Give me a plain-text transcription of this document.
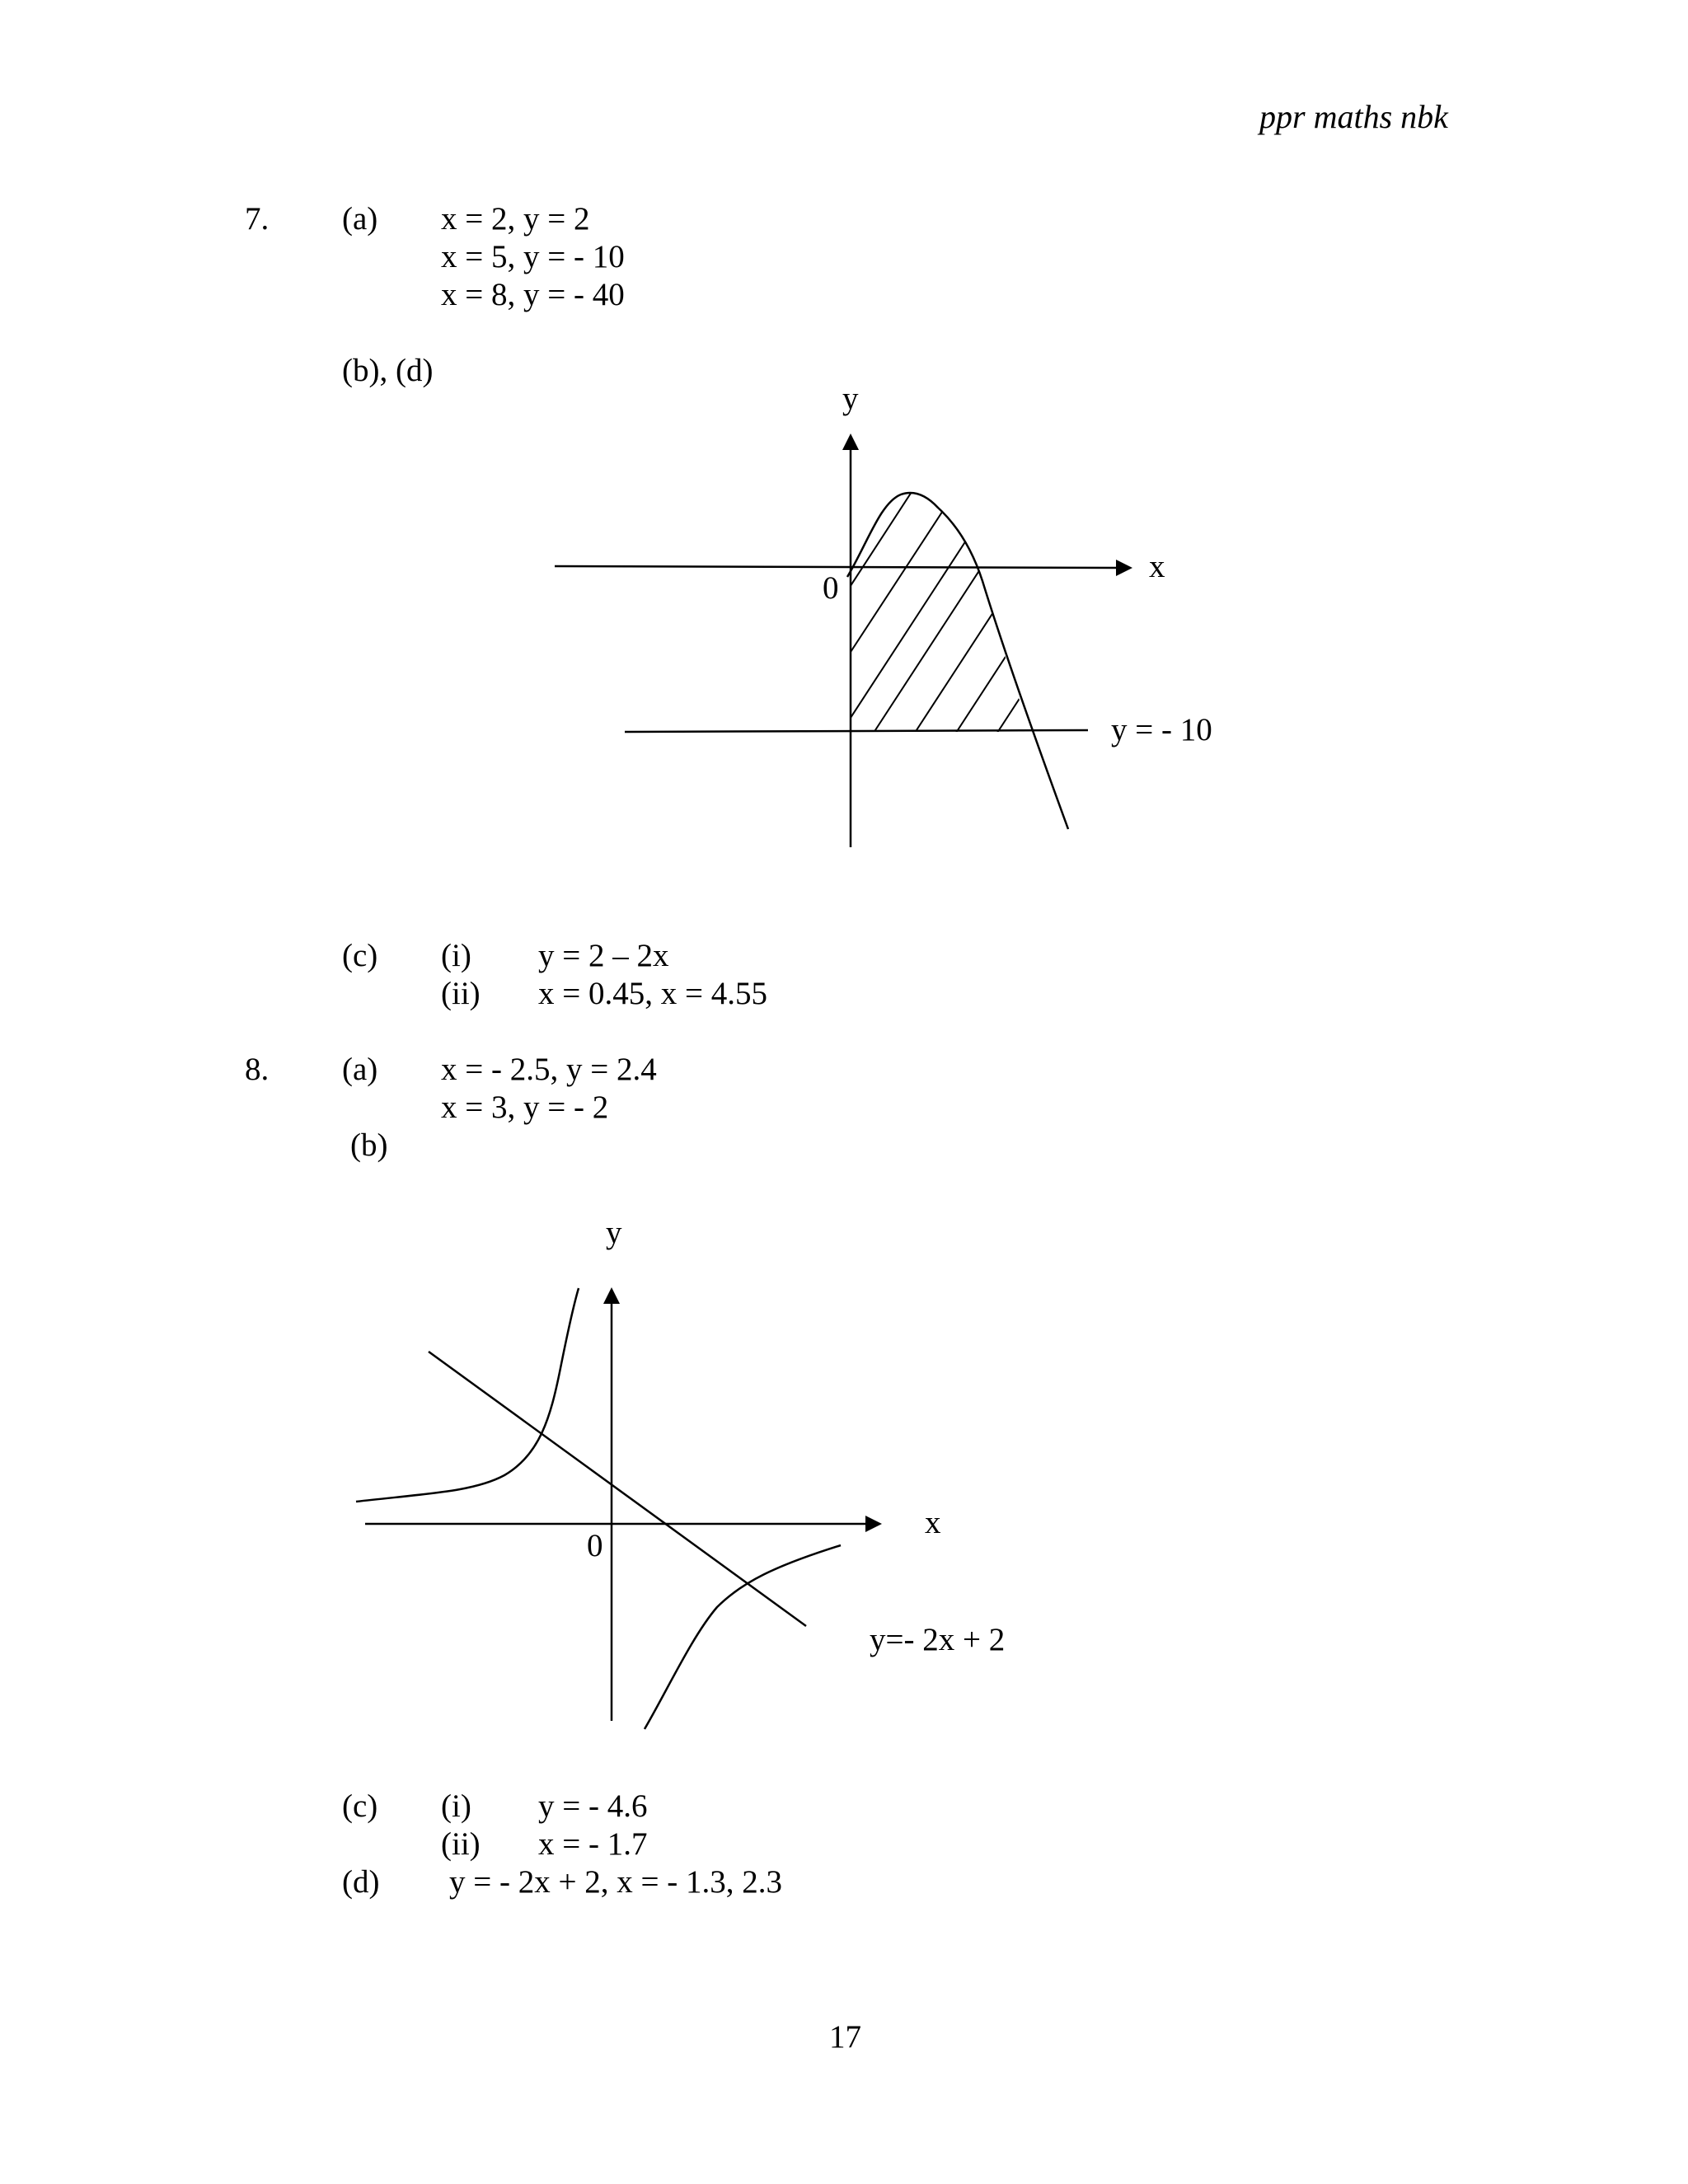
ppr maths nbk
7. (a) x = 2, y = 2
x = 5, y = - 10
x = 8, y = - 40
(b), (d)
y
x
0
y = - 10
(c) (i) y = 2 – 2x
(ii) x = 0.45, x = 4.55
8. (a) x = - 2.5, y = 2.4
x = 3, y = - 2
(b)
y
x
0
y=- 2x + 2
(c) (i) y = - 4.6
(ii) x = - 1.7
(d) y = - 2x + 2, x = - 1.3, 2.3
17
